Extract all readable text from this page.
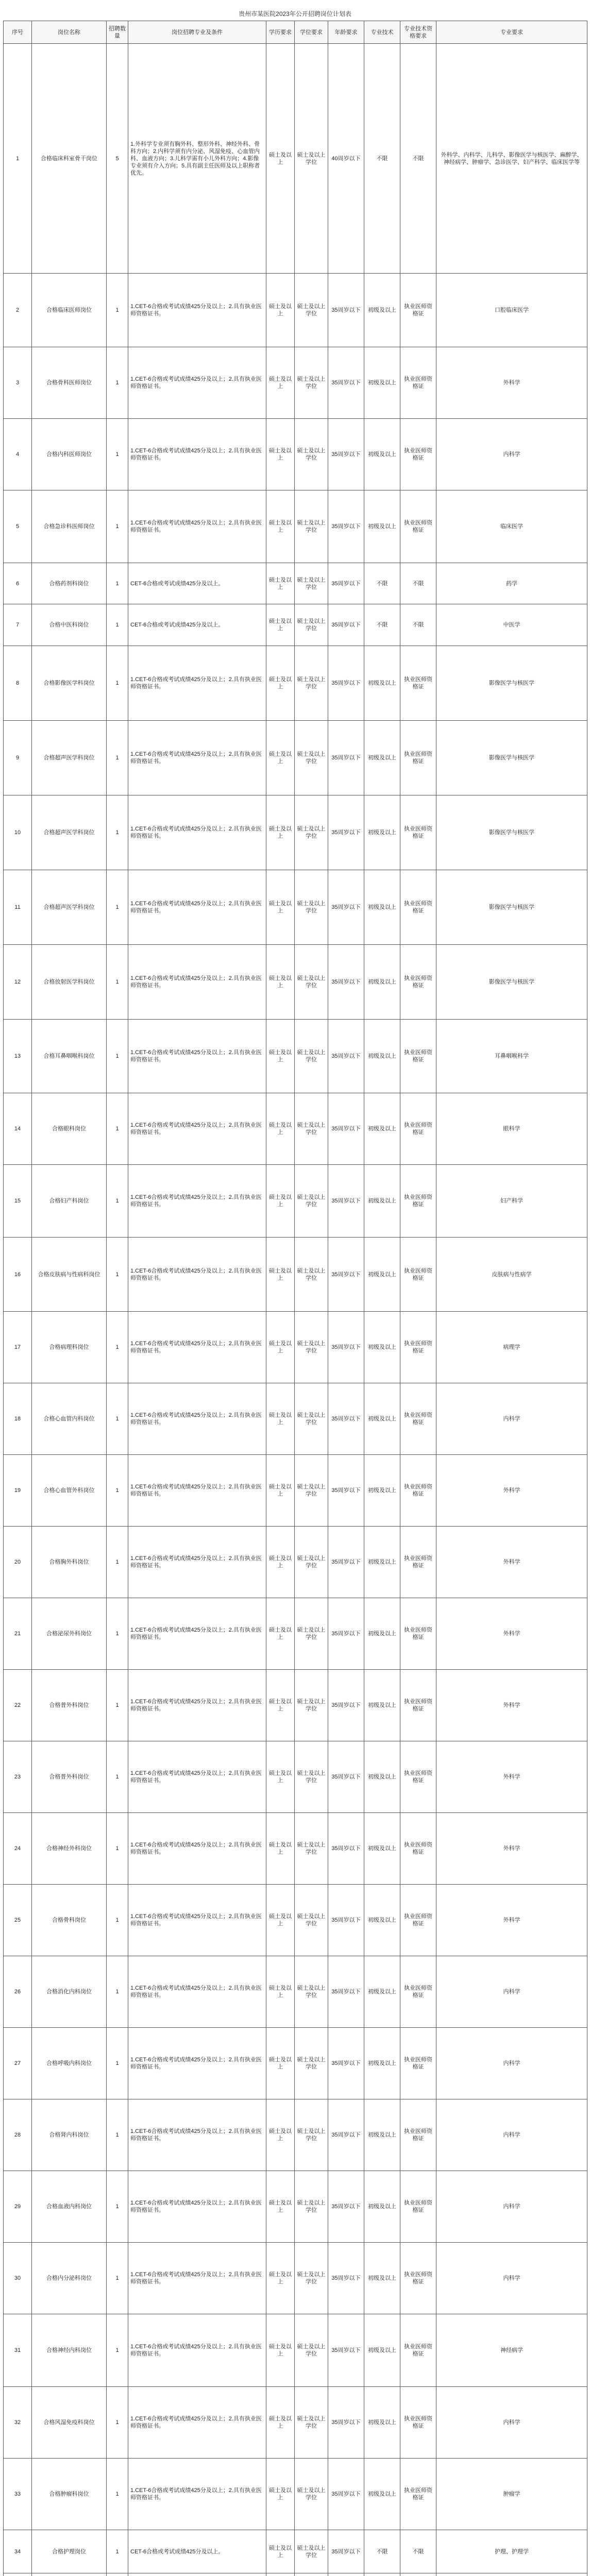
贵州市某医院2023年公开招聘岗位计划表
序号	岗位名称	招聘数量	岗位招聘专业及条件	学历要求	学位要求	年龄要求	专业技术	专业技术资格要求	专业要求
1	合格临床科室骨干岗位	5	1.外科学专业须有胸外科、整形外科、神经外科、骨科方向；2.内科学须有内分泌、风湿免疫、心血管内科、血液方向；3.儿科学需有小儿外科方向；4.影像专业须有介入方向；5.具有副主任医师及以上职称者优先。	硕士及以上	硕士及以上学位	40周岁以下	不限	不限	外科学、内科学、儿科学、影像医学与核医学、麻醉学、神经病学、肿瘤学、急诊医学、妇产科学、临床医学等
2	合格临床医师岗位	1	1.CET-6合格或考试成绩425分及以上；2.具有执业医师资格证书。	硕士及以上	硕士及以上学位	35周岁以下	初级及以上	执业医师资格证	口腔临床医学
3	合格骨科医师岗位	1	1.CET-6合格或考试成绩425分及以上；2.具有执业医师资格证书。	硕士及以上	硕士及以上学位	35周岁以下	初级及以上	执业医师资格证	外科学
4	合格内科医师岗位	1	1.CET-6合格或考试成绩425分及以上；2.具有执业医师资格证书。	硕士及以上	硕士及以上学位	35周岁以下	初级及以上	执业医师资格证	内科学
5	合格急诊科医师岗位	1	1.CET-6合格或考试成绩425分及以上；2.具有执业医师资格证书。	硕士及以上	硕士及以上学位	35周岁以下	初级及以上	执业医师资格证	临床医学
6	合格药剂科岗位	1	CET-6合格或考试成绩425分及以上。	硕士及以上	硕士及以上学位	35周岁以下	不限	不限	药学
7	合格中医科岗位	1	CET-6合格或考试成绩425分及以上。	硕士及以上	硕士及以上学位	35周岁以下	不限	不限	中医学
8	合格影像医学科岗位	1	1.CET-6合格或考试成绩425分及以上；2.具有执业医师资格证书。	硕士及以上	硕士及以上学位	35周岁以下	初级及以上	执业医师资格证	影像医学与核医学
9	合格超声医学科岗位	1	1.CET-6合格或考试成绩425分及以上；2.具有执业医师资格证书。	硕士及以上	硕士及以上学位	35周岁以下	初级及以上	执业医师资格证	影像医学与核医学
10	合格超声医学科岗位	1	1.CET-6合格或考试成绩425分及以上；2.具有执业医师资格证书。	硕士及以上	硕士及以上学位	35周岁以下	初级及以上	执业医师资格证	影像医学与核医学
11	合格超声医学科岗位	1	1.CET-6合格或考试成绩425分及以上；2.具有执业医师资格证书。	硕士及以上	硕士及以上学位	35周岁以下	初级及以上	执业医师资格证	影像医学与核医学
12	合格放射医学科岗位	1	1.CET-6合格或考试成绩425分及以上；2.具有执业医师资格证书。	硕士及以上	硕士及以上学位	35周岁以下	初级及以上	执业医师资格证	影像医学与核医学
13	合格耳鼻咽喉科岗位	1	1.CET-6合格或考试成绩425分及以上；2.具有执业医师资格证书。	硕士及以上	硕士及以上学位	35周岁以下	初级及以上	执业医师资格证	耳鼻咽喉科学
14	合格眼科岗位	1	1.CET-6合格或考试成绩425分及以上；2.具有执业医师资格证书。	硕士及以上	硕士及以上学位	35周岁以下	初级及以上	执业医师资格证	眼科学
15	合格妇产科岗位	1	1.CET-6合格或考试成绩425分及以上；2.具有执业医师资格证书。	硕士及以上	硕士及以上学位	35周岁以下	初级及以上	执业医师资格证	妇产科学
16	合格皮肤病与性病科岗位	1	1.CET-6合格或考试成绩425分及以上；2.具有执业医师资格证书。	硕士及以上	硕士及以上学位	35周岁以下	初级及以上	执业医师资格证	皮肤病与性病学
17	合格病理科岗位	1	1.CET-6合格或考试成绩425分及以上；2.具有执业医师资格证书。	硕士及以上	硕士及以上学位	35周岁以下	初级及以上	执业医师资格证	病理学
18	合格心血管内科岗位	1	1.CET-6合格或考试成绩425分及以上；2.具有执业医师资格证书。	硕士及以上	硕士及以上学位	35周岁以下	初级及以上	执业医师资格证	内科学
19	合格心血管外科岗位	1	1.CET-6合格或考试成绩425分及以上；2.具有执业医师资格证书。	硕士及以上	硕士及以上学位	35周岁以下	初级及以上	执业医师资格证	外科学
20	合格胸外科岗位	1	1.CET-6合格或考试成绩425分及以上；2.具有执业医师资格证书。	硕士及以上	硕士及以上学位	35周岁以下	初级及以上	执业医师资格证	外科学
21	合格泌尿外科岗位	1	1.CET-6合格或考试成绩425分及以上；2.具有执业医师资格证书。	硕士及以上	硕士及以上学位	35周岁以下	初级及以上	执业医师资格证	外科学
22	合格普外科岗位	1	1.CET-6合格或考试成绩425分及以上；2.具有执业医师资格证书。	硕士及以上	硕士及以上学位	35周岁以下	初级及以上	执业医师资格证	外科学
23	合格普外科岗位	1	1.CET-6合格或考试成绩425分及以上；2.具有执业医师资格证书。	硕士及以上	硕士及以上学位	35周岁以下	初级及以上	执业医师资格证	外科学
24	合格神经外科岗位	1	1.CET-6合格或考试成绩425分及以上；2.具有执业医师资格证书。	硕士及以上	硕士及以上学位	35周岁以下	初级及以上	执业医师资格证	外科学
25	合格骨科岗位	1	1.CET-6合格或考试成绩425分及以上；2.具有执业医师资格证书。	硕士及以上	硕士及以上学位	35周岁以下	初级及以上	执业医师资格证	外科学
26	合格消化内科岗位	1	1.CET-6合格或考试成绩425分及以上；2.具有执业医师资格证书。	硕士及以上	硕士及以上学位	35周岁以下	初级及以上	执业医师资格证	内科学
27	合格呼吸内科岗位	1	1.CET-6合格或考试成绩425分及以上；2.具有执业医师资格证书。	硕士及以上	硕士及以上学位	35周岁以下	初级及以上	执业医师资格证	内科学
28	合格肾内科岗位	1	1.CET-6合格或考试成绩425分及以上；2.具有执业医师资格证书。	硕士及以上	硕士及以上学位	35周岁以下	初级及以上	执业医师资格证	内科学
29	合格血液内科岗位	1	1.CET-6合格或考试成绩425分及以上；2.具有执业医师资格证书。	硕士及以上	硕士及以上学位	35周岁以下	初级及以上	执业医师资格证	内科学
30	合格内分泌科岗位	1	1.CET-6合格或考试成绩425分及以上；2.具有执业医师资格证书。	硕士及以上	硕士及以上学位	35周岁以下	初级及以上	执业医师资格证	内科学
31	合格神经内科岗位	1	1.CET-6合格或考试成绩425分及以上；2.具有执业医师资格证书。	硕士及以上	硕士及以上学位	35周岁以下	初级及以上	执业医师资格证	神经病学
32	合格风湿免疫科岗位	1	1.CET-6合格或考试成绩425分及以上；2.具有执业医师资格证书。	硕士及以上	硕士及以上学位	35周岁以下	初级及以上	执业医师资格证	内科学
33	合格肿瘤科岗位	1	1.CET-6合格或考试成绩425分及以上；2.具有执业医师资格证书。	硕士及以上	硕士及以上学位	35周岁以下	初级及以上	执业医师资格证	肿瘤学
34	合格护理岗位	1	CET-6合格或考试成绩425分及以上。	硕士及以上	硕士及以上学位	35周岁以下	不限	不限	护理、护理学
